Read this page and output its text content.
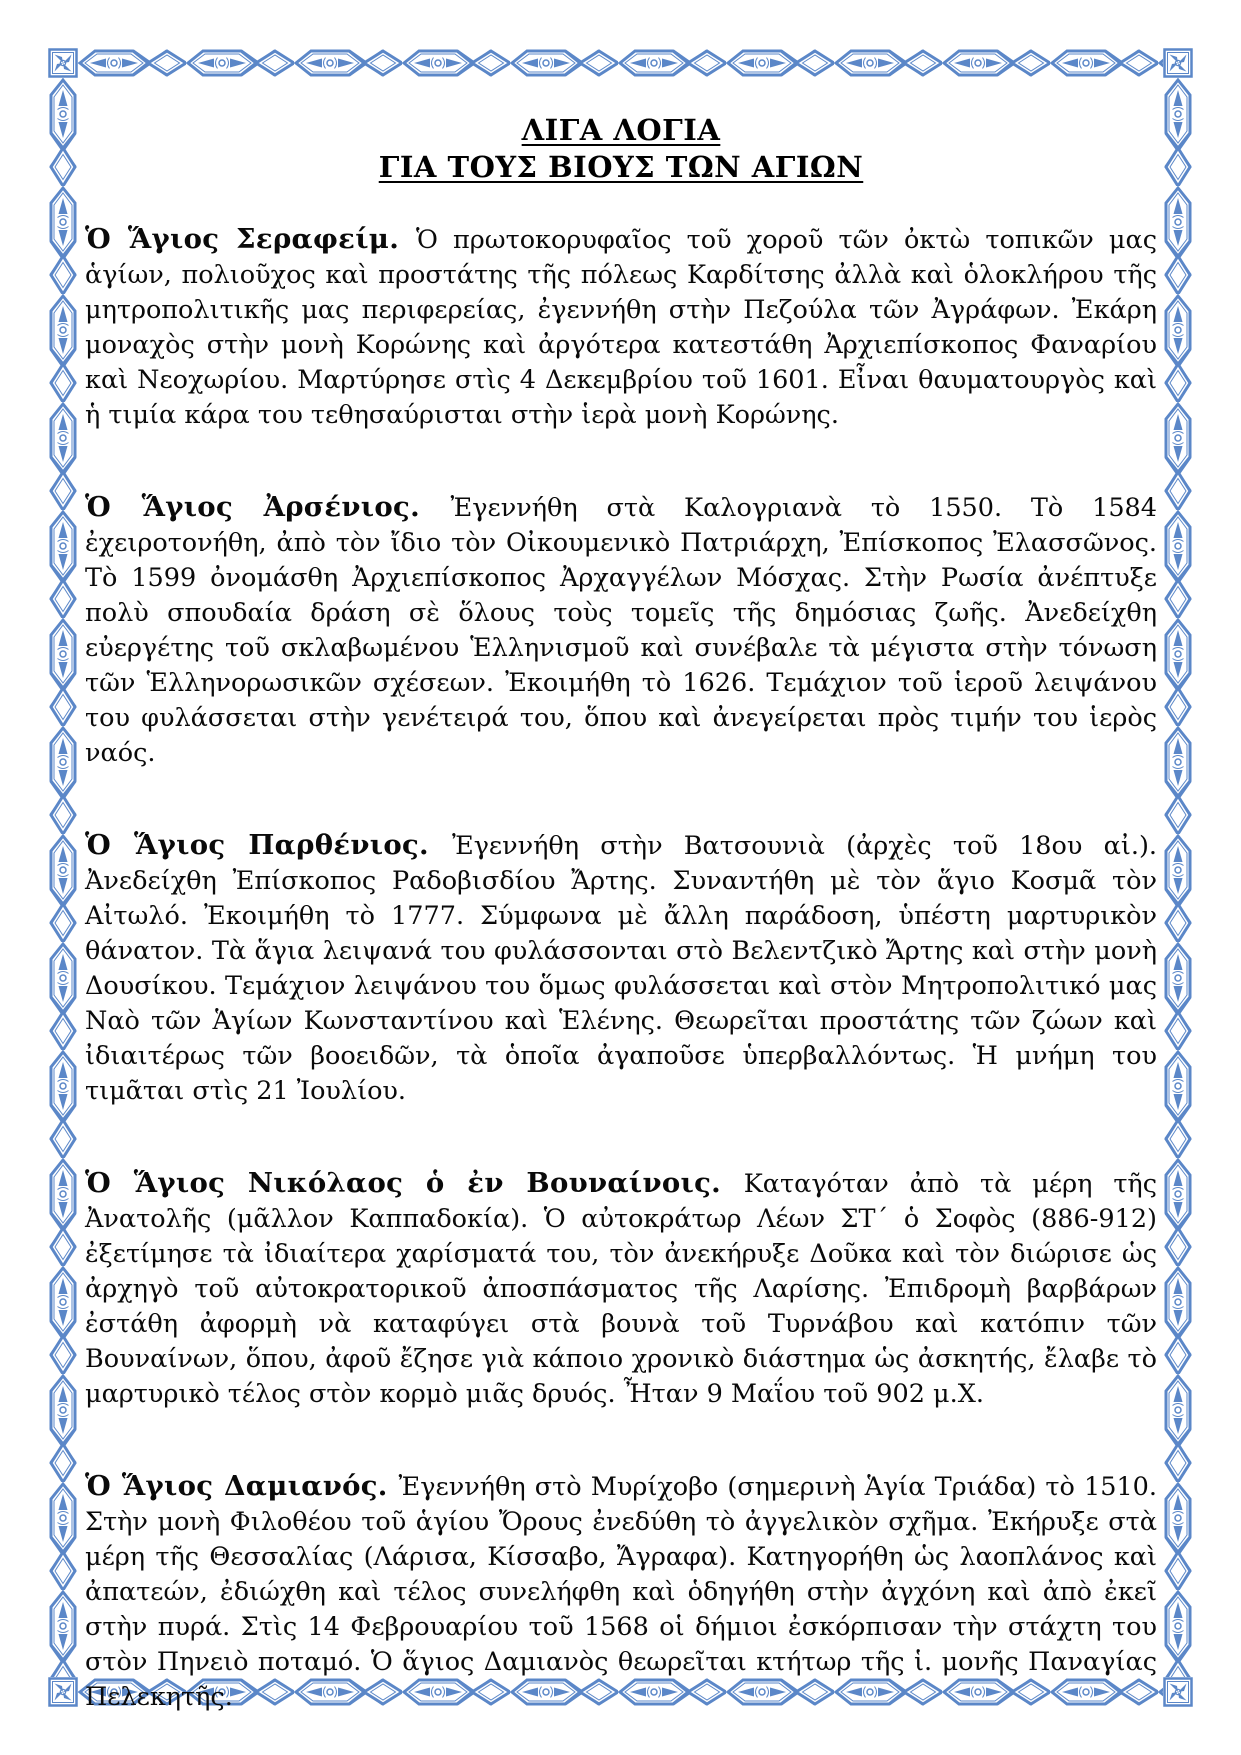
ΛΙΓΑ ΛΟΓΙΑ
ΓΙΑ ΤΟΥΣ ΒΙΟΥΣ ΤΩΝ ΑΓΙΩΝ

Ὁ Ἅγιος Σεραφείμ. Ὁ πρωτοκορυφαῖος τοῦ χοροῦ τῶν ὀκτὼ τοπικῶν μας ἁγίων, πολιοῦχος καὶ προστάτης τῆς πόλεως Καρδίτσης ἀλλὰ καὶ ὁλοκλήρου τῆς μητροπολιτικῆς μας περιφερείας, ἐγεννήθη στὴν Πεζούλα τῶν Ἀγράφων. Ἐκάρη μοναχὸς στὴν μονὴ Κορώνης καὶ ἀργότερα κατεστάθη Ἀρχιεπίσκοπος Φαναρίου καὶ Νεοχωρίου. Μαρτύρησε στὶς 4 Δεκεμβρίου τοῦ 1601. Εἶναι θαυματουργὸς καὶ ἡ τιμία κάρα του τεθησαύρισται στὴν ἱερὰ μονὴ Κορώνης.

Ὁ Ἅγιος Ἀρσένιος. Ἐγεννήθη στὰ Καλογριανὰ τὸ 1550. Τὸ 1584 ἐχειροτονήθη, ἀπὸ τὸν ἴδιο τὸν Οἰκουμενικὸ Πατριάρχη, Ἐπίσκοπος Ἐλασσῶνος. Τὸ 1599 ὀνομάσθη Ἀρχιεπίσκοπος Ἀρχαγγέλων Μόσχας. Στὴν Ρωσία ἀνέπτυξε πολὺ σπουδαία δράση σὲ ὅλους τοὺς τομεῖς τῆς δημόσιας ζωῆς. Ἀνεδείχθη εὐεργέτης τοῦ σκλαβωμένου Ἑλληνισμοῦ καὶ συνέβαλε τὰ μέγιστα στὴν τόνωση τῶν Ἑλληνορωσικῶν σχέσεων. Ἐκοιμήθη τὸ 1626. Τεμάχιον τοῦ ἱεροῦ λειψάνου του φυλάσσεται στὴν γενέτειρά του, ὅπου καὶ ἀνεγείρεται πρὸς τιμήν του ἱερὸς ναός.

Ὁ Ἅγιος Παρθένιος. Ἐγεννήθη στὴν Βατσουνιὰ (ἀρχὲς τοῦ 18ου αἰ.). Ἀνεδείχθη Ἐπίσκοπος Ραδοβισδίου Ἄρτης. Συναντήθη μὲ τὸν ἅγιο Κοσμᾶ τὸν Αἰτωλό. Ἐκοιμήθη τὸ 1777. Σύμφωνα μὲ ἄλλη παράδοση, ὑπέστη μαρτυρικὸν θάνατον. Τὰ ἅγια λειψανά του φυλάσσονται στὸ Βελεντζικὸ Ἄρτης καὶ στὴν μονὴ Δουσίκου. Τεμάχιον λειψάνου του ὅμως φυλάσσεται καὶ στὸν Μητροπολιτικό μας Ναὸ τῶν Ἁγίων Κωνσταντίνου καὶ Ἑλένης. Θεωρεῖται προστάτης τῶν ζώων καὶ ἰδιαιτέρως τῶν βοοειδῶν, τὰ ὁποῖα ἀγαποῦσε ὑπερβαλλόντως. Ἡ μνήμη του τιμᾶται στὶς 21 Ἰουλίου.

Ὁ Ἅγιος Νικόλαος ὁ ἐν Βουναίνοις. Καταγόταν ἀπὸ τὰ μέρη τῆς Ἀνατολῆς (μᾶλλον Καππαδοκία). Ὁ αὐτοκράτωρ Λέων ΣΤ΄ ὁ Σοφὸς (886-912) ἐξετίμησε τὰ ἰδιαίτερα χαρίσματά του, τὸν ἀνεκήρυξε Δοῦκα καὶ τὸν διώρισε ὡς ἀρχηγὸ τοῦ αὐτοκρατορικοῦ ἀποσπάσματος τῆς Λαρίσης. Ἐπιδρομὴ βαρβάρων ἐστάθη ἀφορμὴ νὰ καταφύγει στὰ βουνὰ τοῦ Τυρνάβου καὶ κατόπιν τῶν Βουναίνων, ὅπου, ἀφοῦ ἔζησε γιὰ κάποιο χρονικὸ διάστημα ὡς ἀσκητής, ἔλαβε τὸ μαρτυρικὸ τέλος στὸν κορμὸ μιᾶς δρυός. Ἦταν 9 Μαΐου τοῦ 902 μ.Χ.

Ὁ Ἅγιος Δαμιανός. Ἐγεννήθη στὸ Μυρίχοβο (σημερινὴ Ἁγία Τριάδα) τὸ 1510. Στὴν μονὴ Φιλοθέου τοῦ ἁγίου Ὄρους ἐνεδύθη τὸ ἀγγελικὸν σχῆμα. Ἐκήρυξε στὰ μέρη τῆς Θεσσαλίας (Λάρισα, Κίσσαβο, Ἄγραφα). Κατηγορήθη ὡς λαοπλάνος καὶ ἀπατεών, ἐδιώχθη καὶ τέλος συνελήφθη καὶ ὁδηγήθη στὴν ἀγχόνη καὶ ἀπὸ ἐκεῖ στὴν πυρά. Στὶς 14 Φεβρουαρίου τοῦ 1568 οἱ δήμιοι ἐσκόρπισαν τὴν στάχτη του στὸν Πηνειὸ ποταμό. Ὁ ἅγιος Δαμιανὸς θεωρεῖται κτήτωρ τῆς ἱ. μονῆς Παναγίας Πελεκητῆς.
